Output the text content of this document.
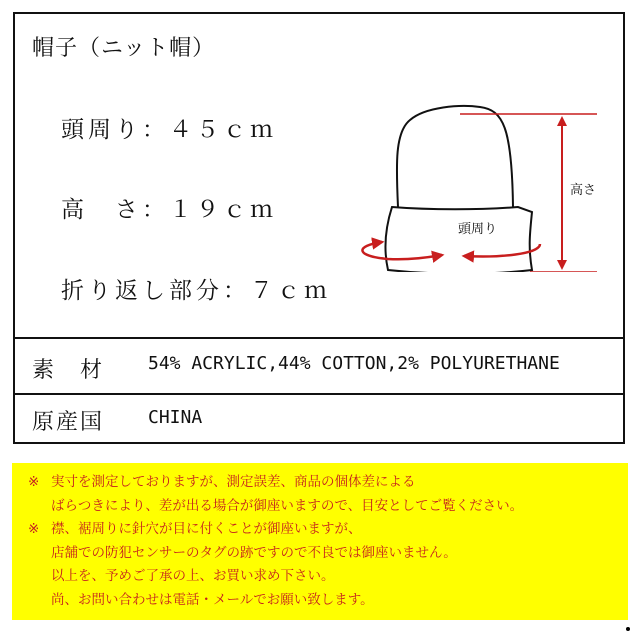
帽子（ニット帽）
頭周り：４５ｃｍ
高　さ：１９ｃｍ
折り返し部分：７ｃｍ
高さ
頭周り
素　材 54% ACRYLIC,44% COTTON,2% POLYURETHANE
原産国 CHINA
※ 実寸を測定しておりますが、測定誤差、商品の個体差による
ばらつきにより、差が出る場合が御座いますので、目安としてご覧ください。
※ 襟、裾周りに針穴が目に付くことが御座いますが、
店舗での防犯センサーのタグの跡ですので不良では御座いません。
以上を、予めご了承の上、お買い求め下さい。
尚、お問い合わせは電話・メールでお願い致します。
